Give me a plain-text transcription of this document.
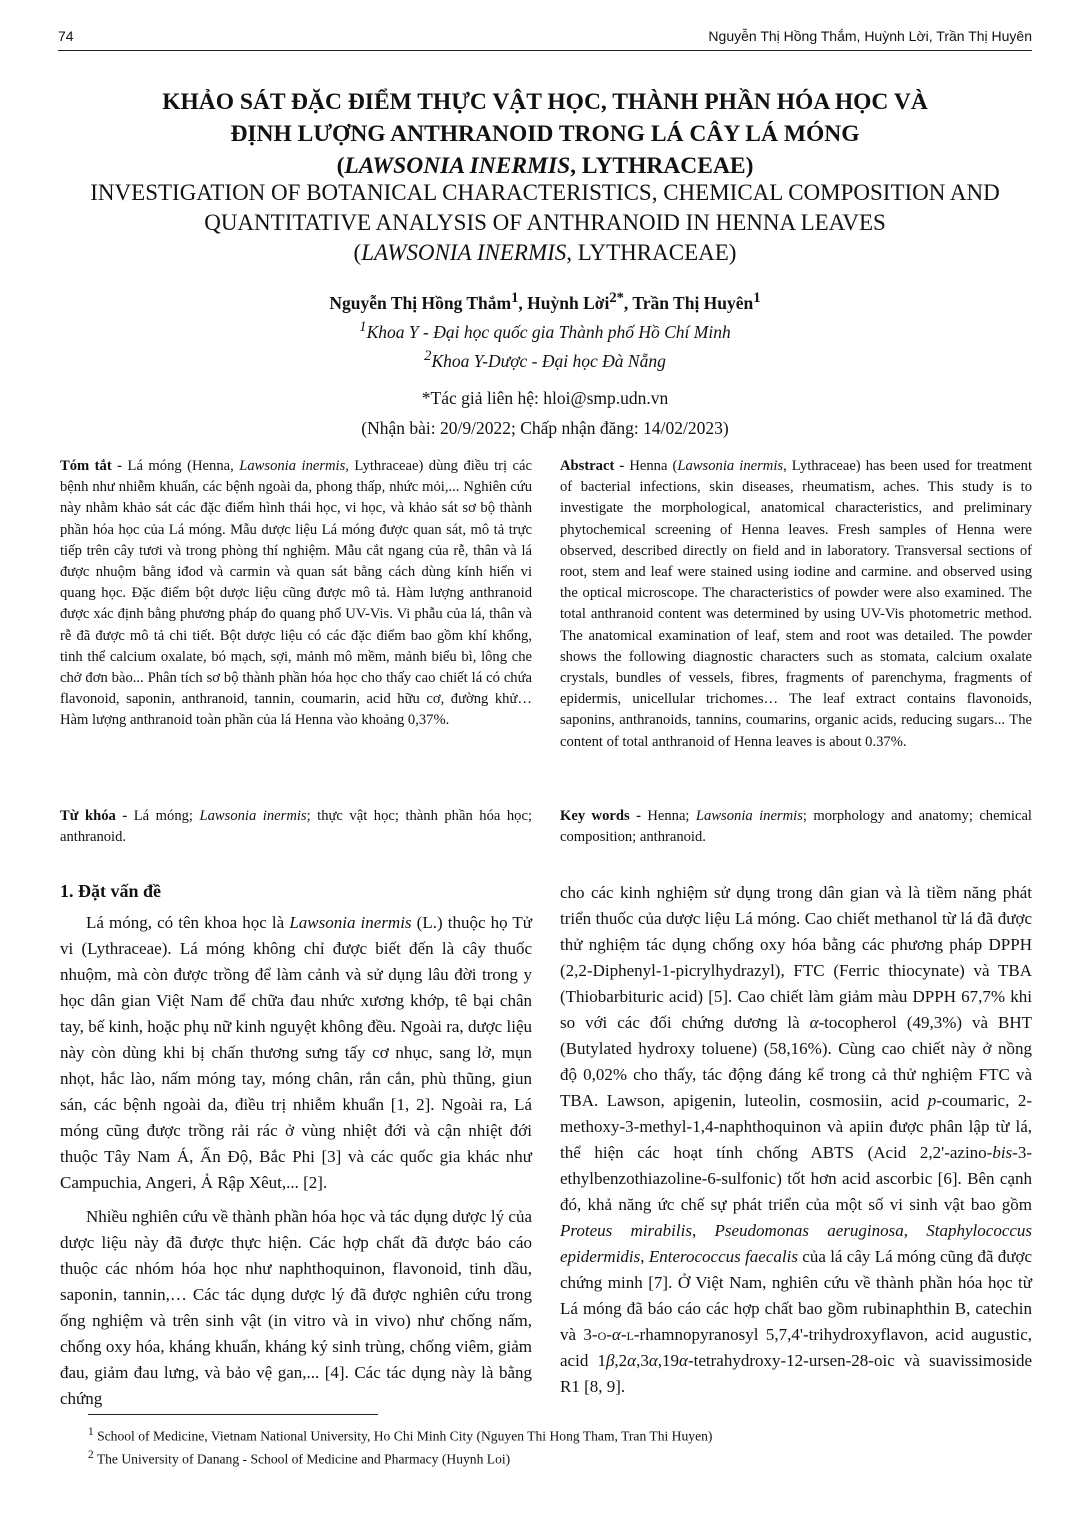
74	Nguyễn Thị Hồng Thắm, Huỳnh Lời, Trần Thị Huyên
KHẢO SÁT ĐẶC ĐIỂM THỰC VẬT HỌC, THÀNH PHẦN HÓA HỌC VÀ
ĐỊNH LƯỢNG ANTHRANOID TRONG LÁ CÂY LÁ MÓNG
(LAWSONIA INERMIS, LYTHRACEAE)
INVESTIGATION OF BOTANICAL CHARACTERISTICS, CHEMICAL COMPOSITION AND
QUANTITATIVE ANALYSIS OF ANTHRANOID IN HENNA LEAVES
(LAWSONIA INERMIS, LYTHRACEAE)
Nguyễn Thị Hồng Thắm$^1$, Huỳnh Lời$^{2*}$, Trần Thị Huyên$^1$
$^1$Khoa Y - Đại học quốc gia Thành phố Hồ Chí Minh
$^2$Khoa Y-Dược - Đại học Đà Nẵng
*Tác giả liên hệ: hloi@smp.udn.vn
(Nhận bài: 20/9/2022; Chấp nhận đăng: 14/02/2023)

Tóm tắt - Lá móng (Henna, Lawsonia inermis, Lythraceae) dùng điều trị các bệnh như nhiễm khuẩn, các bệnh ngoài da, phong thấp, nhức mỏi,... Nghiên cứu này nhằm khảo sát các đặc điểm hình thái học, vi học, và khảo sát sơ bộ thành phần hóa học của Lá móng. Mẫu dược liệu Lá móng được quan sát, mô tả trực tiếp trên cây tươi và trong phòng thí nghiệm. Mẫu cắt ngang của rễ, thân và lá được nhuộm bằng iđod và carmin và quan sát bằng cách dùng kính hiển vi quang học. Đặc điểm bột dược liệu cũng được mô tả. Hàm lượng anthranoid được xác định bằng phương pháp đo quang phổ UV-Vis. Vi phẫu của lá, thân và rễ đã được mô tả chi tiết. Bột dược liệu có các đặc điểm bao gồm khí khổng, tinh thể calcium oxalate, bó mạch, sợi, mảnh mô mềm, mảnh biểu bì, lông che chở đơn bào... Phân tích sơ bộ thành phần hóa học cho thấy cao chiết lá có chứa flavonoid, saponin, anthranoid, tannin, coumarin, acid hữu cơ, đường khử… Hàm lượng anthranoid toàn phần của lá Henna vào khoảng 0,37%.

Từ khóa - Lá móng; Lawsonia inermis; thực vật học; thành phần hóa học; anthranoid.

Abstract - Henna (Lawsonia inermis, Lythraceae) has been used for treatment of bacterial infections, skin diseases, rheumatism, aches. This study is to investigate the morphological, anatomical characteristics, and preliminary phytochemical screening of Henna leaves. Fresh samples of Henna were observed, described directly on field and in laboratory. Transversal sections of root, stem and leaf were stained using iodine and carmine. and observed using the optical microscope. The characteristics of powder were also examined. The total anthranoid content was determined by using UV-Vis photometric method. The anatomical examination of leaf, stem and root was detailed. The powder shows the following diagnostic characters such as stomata, calcium oxalate crystals, bundles of vessels, fibres, fragments of parenchyma, fragments of epidermis, unicellular trichomes… The leaf extract contains flavonoids, saponins, anthranoids, tannins, coumarins, organic acids, reducing sugars... The content of total anthranoid of Henna leaves is about 0.37%.

Key words - Henna; Lawsonia inermis; morphology and anatomy; chemical composition; anthranoid.

1. Đặt vấn đề

Lá móng, có tên khoa học là Lawsonia inermis (L.) thuộc họ Tử vi (Lythraceae). Lá móng không chỉ được biết đến là cây thuốc nhuộm, mà còn được trồng để làm cảnh và sử dụng lâu đời trong y học dân gian Việt Nam để chữa đau nhức xương khớp, tê bại chân tay, bế kinh, hoặc phụ nữ kinh nguyệt không đều. Ngoài ra, dược liệu này còn dùng khi bị chấn thương sưng tấy cơ nhục, sang lở, mụn nhọt, hắc lào, nấm móng tay, móng chân, rắn cắn, phù thũng, giun sán, các bệnh ngoài da, điều trị nhiễm khuẩn [1, 2]. Ngoài ra, Lá móng cũng được trồng rải rác ở vùng nhiệt đới và cận nhiệt đới thuộc Tây Nam Á, Ấn Độ, Bắc Phi [3] và các quốc gia khác như Campuchia, Angeri, Ả Rập Xêut,... [2].

Nhiều nghiên cứu về thành phần hóa học và tác dụng dược lý của dược liệu này đã được thực hiện. Các hợp chất đã được báo cáo thuộc các nhóm hóa học như naphthoquinon, flavonoid, tinh dầu, saponin, tannin,… Các tác dụng dược lý đã được nghiên cứu trong ống nghiệm và trên sinh vật (in vitro và in vivo) như chống nấm, chống oxy hóa, kháng khuẩn, kháng ký sinh trùng, chống viêm, giảm đau, giảm đau lưng, và bảo vệ gan,... [4]. Các tác dụng này là bằng chứng

cho các kinh nghiệm sử dụng trong dân gian và là tiềm năng phát triển thuốc của dược liệu Lá móng. Cao chiết methanol từ lá đã được thử nghiệm tác dụng chống oxy hóa bằng các phương pháp DPPH (2,2-Diphenyl-1-picrylhydrazyl), FTC (Ferric thiocynate) và TBA (Thiobarbituric acid) [5]. Cao chiết làm giảm màu DPPH 67,7% khi so với các đối chứng dương là α-tocopherol (49,3%) và BHT (Butylated hydroxy toluene) (58,16%). Cùng cao chiết này ở nồng độ 0,02% cho thấy, tác động đáng kể trong cả thử nghiệm FTC và TBA. Lawson, apigenin, luteolin, cosmosiin, acid p-coumaric, 2-methoxy-3-methyl-1,4-naphthoquinon và apiin được phân lập từ lá, thể hiện các hoạt tính chống ABTS (Acid 2,2'-azino-bis-3-ethylbenzothiazoline-6-sulfonic) tốt hơn acid ascorbic [6]. Bên cạnh đó, khả năng ức chế sự phát triển của một số vi sinh vật bao gồm Proteus mirabilis, Pseudomonas aeruginosa, Staphylococcus epidermidis, Enterococcus faecalis của lá cây Lá móng cũng đã được chứng minh [7]. Ở Việt Nam, nghiên cứu về thành phần hóa học từ Lá móng đã báo cáo các hợp chất bao gồm rubinaphthin B, catechin và 3-o-α-l-rhamnopyranosyl 5,7,4'-trihydroxyflavon, acid augustic, acid 1β,2α,3α,19α-tetrahydroxy-12-ursen-28-oic và suavissimoside R1 [8, 9].

$^1$ School of Medicine, Vietnam National University, Ho Chi Minh City (Nguyen Thi Hong Tham, Tran Thi Huyen)
$^2$ The University of Danang - School of Medicine and Pharmacy (Huynh Loi)
